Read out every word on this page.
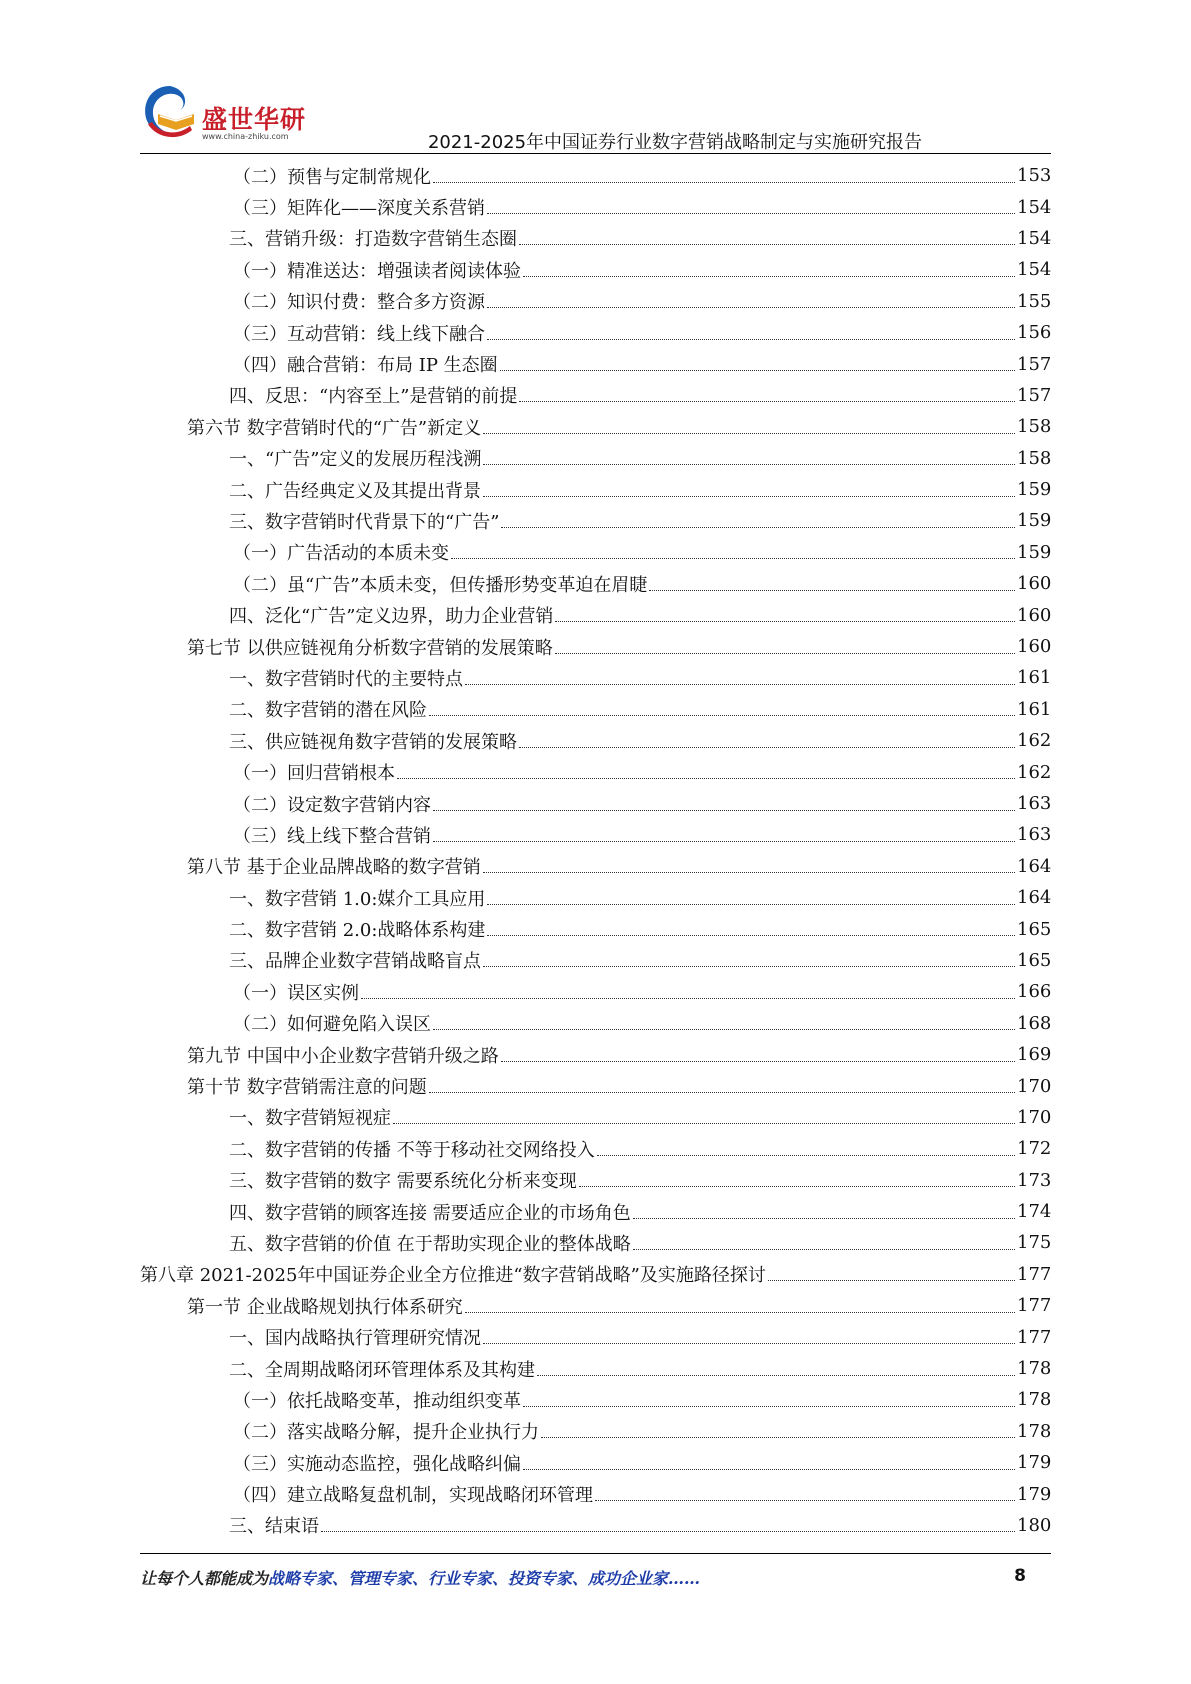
盛世华研
www.china-zhiku.com	2021-2025年中国证券行业数字营销战略制定与实施研究报告
（二）预售与定制常规化	153
（三）矩阵化——深度关系营销	154
三、营销升级：打造数字营销生态圈	154
（一）精准送达：增强读者阅读体验	154
（二）知识付费：整合多方资源	155
（三）互动营销：线上线下融合	156
（四）融合营销：布局 IP 生态圈	157
四、反思：“内容至上”是营销的前提	157
第六节 数字营销时代的“广告”新定义	158
一、“广告”定义的发展历程浅溯	158
二、广告经典定义及其提出背景	159
三、数字营销时代背景下的“广告”	159
（一）广告活动的本质未变	159
（二）虽“广告”本质未变，但传播形势变革迫在眉睫	160
四、泛化“广告”定义边界，助力企业营销	160
第七节 以供应链视角分析数字营销的发展策略	160
一、数字营销时代的主要特点	161
二、数字营销的潜在风险	161
三、供应链视角数字营销的发展策略	162
（一）回归营销根本	162
（二）设定数字营销内容	163
（三）线上线下整合营销	163
第八节 基于企业品牌战略的数字营销	164
一、数字营销 1.0:媒介工具应用	164
二、数字营销 2.0:战略体系构建	165
三、品牌企业数字营销战略盲点	165
（一）误区实例	166
（二）如何避免陷入误区	168
第九节 中国中小企业数字营销升级之路	169
第十节 数字营销需注意的问题	170
一、数字营销短视症	170
二、数字营销的传播 不等于移动社交网络投入	172
三、数字营销的数字 需要系统化分析来变现	173
四、数字营销的顾客连接 需要适应企业的市场角色	174
五、数字营销的价值 在于帮助实现企业的整体战略	175
第八章 2021-2025年中国证券企业全方位推进“数字营销战略”及实施路径探讨	177
第一节 企业战略规划执行体系研究	177
一、国内战略执行管理研究情况	177
二、全周期战略闭环管理体系及其构建	178
（一）依托战略变革，推动组织变革	178
（二）落实战略分解，提升企业执行力	178
（三）实施动态监控，强化战略纠偏	179
（四）建立战略复盘机制，实现战略闭环管理	179
三、结束语	180
让每个人都能成为战略专家、管理专家、行业专家、投资专家、成功企业家……	8
